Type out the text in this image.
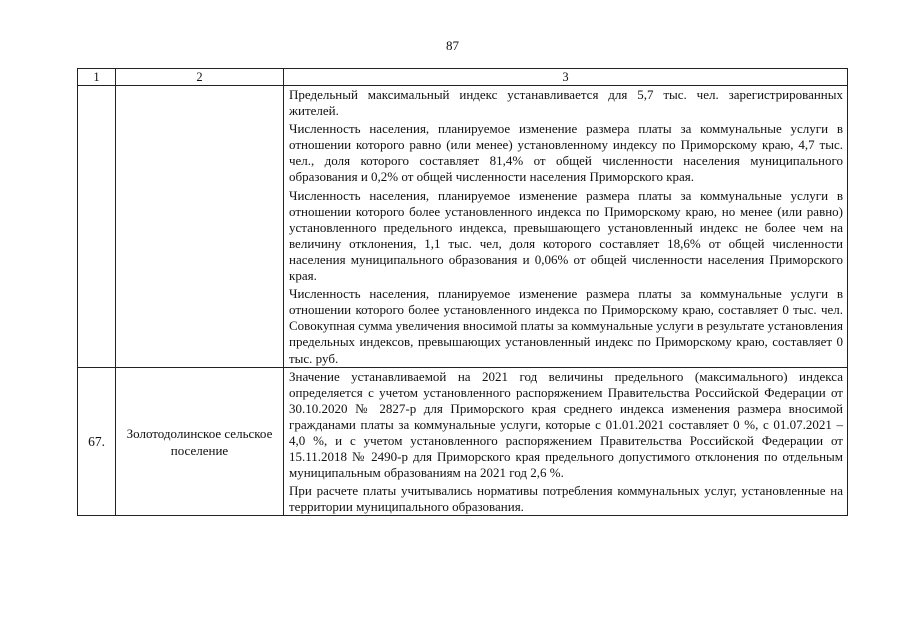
87
1	2	3

		Предельный максимальный индекс устанавливается для 5,7 тыс. чел. зарегистрированных жителей.

Численность населения, планируемое изменение размера платы за коммунальные услуги в отношении которого равно (или менее) установленному индексу по Приморскому краю, 4,7 тыс. чел., доля которого составляет 81,4% от общей численности населения муниципального образования и 0,2% от общей численности населения Приморского края.

Численность населения, планируемое изменение размера платы за коммунальные услуги в отношении которого более установленного индекса по Приморскому краю, но менее (или равно) установленного предельного индекса, превышающего установленный индекс не более чем на величину отклонения, 1,1 тыс. чел, доля которого составляет 18,6% от общей численности населения муниципального образования и 0,06% от общей численности населения Приморского края.

Численность населения, планируемое изменение размера платы за коммунальные услуги в отношении которого более установленного индекса по Приморскому краю, составляет 0 тыс. чел. Совокупная сумма увеличения вносимой платы за коммунальные услуги в результате установления предельных индексов, превышающих установленный индекс по Приморскому краю, составляет 0 тыс. руб.

67.	Золотодолинское сельское поселение	Значение устанавливаемой на 2021 год величины предельного (максимального) индекса определяется с учетом установленного распоряжением Правительства Российской Федерации от 30.10.2020 № 2827-р для Приморского края среднего индекса изменения размера вносимой гражданами платы за коммунальные услуги, которые с 01.01.2021 составляет 0 %, с 01.07.2021 – 4,0 %, и с учетом установленного распоряжением Правительства Российской Федерации от 15.11.2018 № 2490-р для Приморского края предельного допустимого отклонения по отдельным муниципальным образованиям на 2021 год 2,6 %.

При расчете платы учитывались нормативы потребления коммунальных услуг, установленные на территории муниципального образования.
